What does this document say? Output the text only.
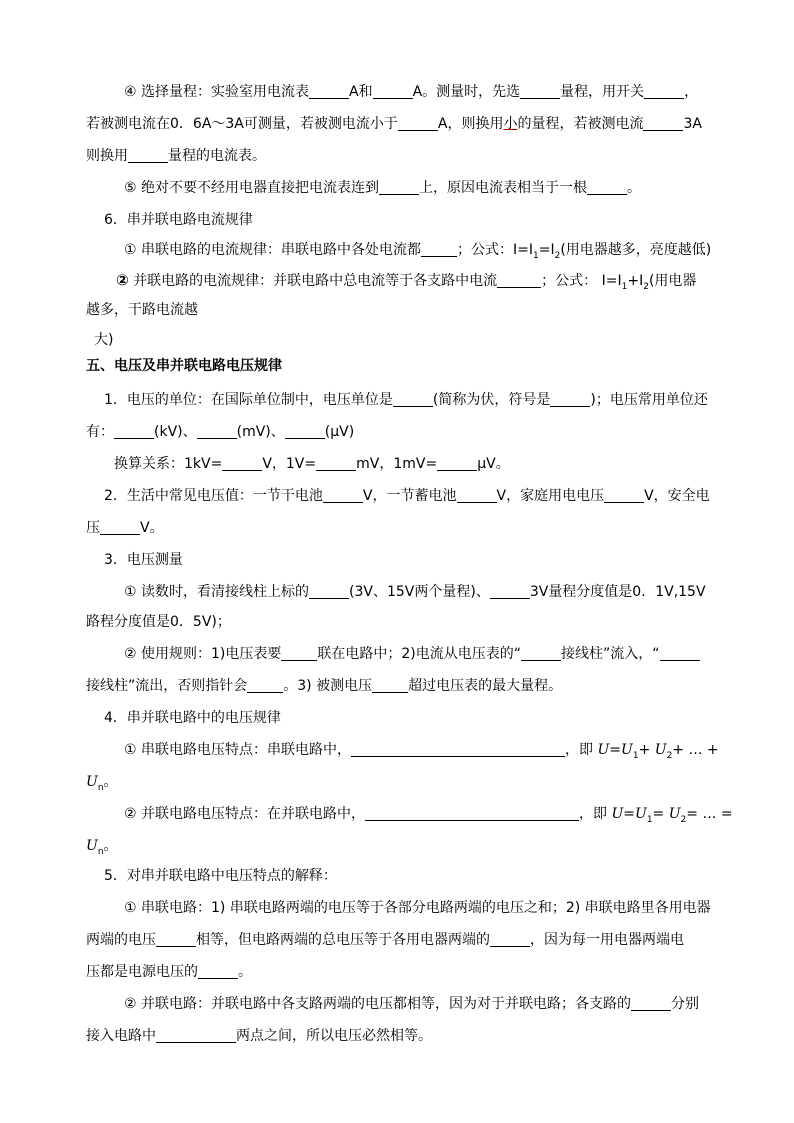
④ 选择量程：实验室用电流表	A和	A。测量时，先选	量程，用开关	，
若被测电流在0．6A～3A可测量，若被测电流小于	A，则换用小的量程，若被测电流	3A
则换用	量程的电流表。
⑤ 绝对不要不经用电器直接把电流表连到	上，原因电流表相当于一根	。
6．串并联电路电流规律
① 串联电路的电流规律：串联电路中各处电流都	；公式：$I=I_1=I_2$(用电器越多，亮度越低)
② 并联电路的电流规律：并联电路中总电流等于各支路中电流	；公式： $I=I_1+I_2$(用电器
越多，干路电流越
大)
五、电压及串并联电路电压规律
1．电压的单位：在国际单位制中，电压单位是	(简称为伏，符号是	)；电压常用单位还
有：	(kV)、	(mV)、	(μV)
换算关系：1kV=	V，1V=	mV，1mV=	μV。
2．生活中常见电压值：一节干电池	V，一节蓄电池	V，家庭用电电压	V，安全电
压	V。
3．电压测量
① 读数时，看清接线柱上标的	(3V、15V两个量程)、	3V量程分度值是0．1V,15V
路程分度值是0．5V)；
② 使用规则：1)电压表要	联在电路中；2)电流从电压表的“	接线柱”流入，“
接线柱”流出，否则指针会	。3) 被测电压	超过电压表的最大量程。
4．串并联电路中的电压规律
① 串联电路电压特点：串联电路中，	，即 $U=U_1+ U_2+$ … +
$U_n$。
② 并联电路电压特点：在并联电路中，	，即 $U=U_1= U_2=$ … =
$U_n$。
5．对串并联电路中电压特点的解释：
① 串联电路：1) 串联电路两端的电压等于各部分电路两端的电压之和；2) 串联电路里各用电器
两端的电压	相等，但电路两端的总电压等于各用电器两端的	，因为每一用电器两端电
压都是电源电压的	。
② 并联电路：并联电路中各支路两端的电压都相等，因为对于并联电路；各支路的	分别
接入电路中	两点之间，所以电压必然相等。
